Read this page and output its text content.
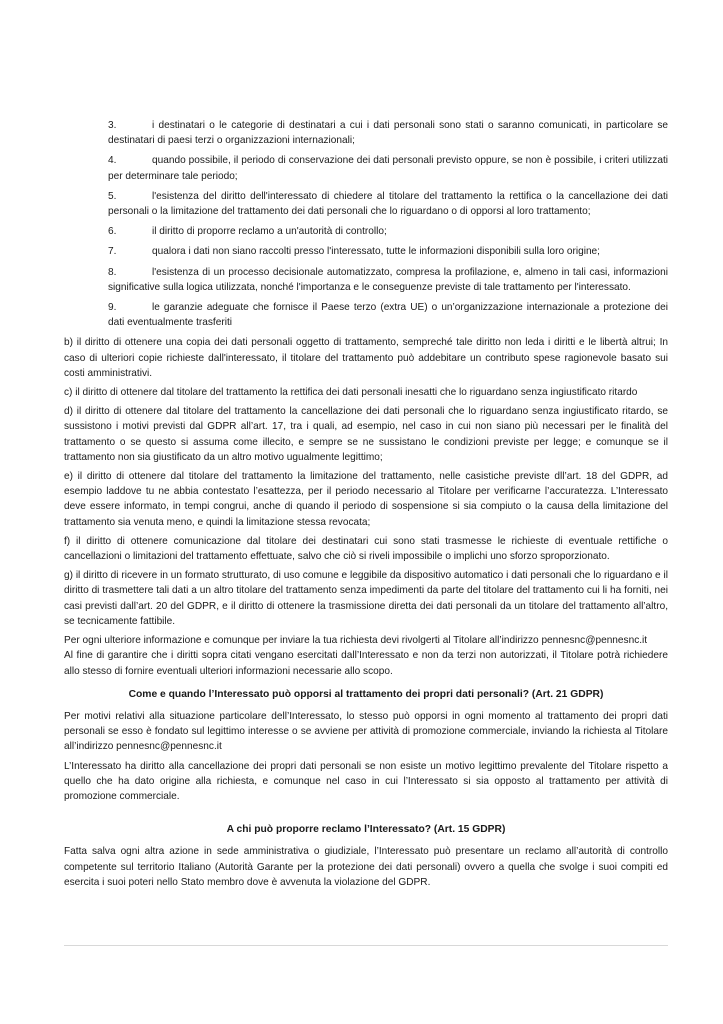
3.	i destinatari o le categorie di destinatari a cui i dati personali sono stati o saranno comunicati, in particolare se destinatari di paesi terzi o organizzazioni internazionali;

4.	quando possibile, il periodo di conservazione dei dati personali previsto oppure, se non è possibile, i criteri utilizzati per determinare tale periodo;

5.	l'esistenza del diritto dell'interessato di chiedere al titolare del trattamento la rettifica o la cancellazione dei dati personali o la limitazione del trattamento dei dati personali che lo riguardano o di opporsi al loro trattamento;

6.	il diritto di proporre reclamo a un'autorità di controllo;

7.	qualora i dati non siano raccolti presso l'interessato, tutte le informazioni disponibili sulla loro origine;

8.	l'esistenza di un processo decisionale automatizzato, compresa la profilazione, e, almeno in tali casi, informazioni significative sulla logica utilizzata, nonché l'importanza e le conseguenze previste di tale trattamento per l'interessato.

9.	le garanzie adeguate che fornisce il Paese terzo (extra UE) o un’organizzazione internazionale a protezione dei dati eventualmente trasferiti

b) il diritto di ottenere una copia dei dati personali oggetto di trattamento, sempreché tale diritto non leda i diritti e le libertà altrui; In caso di ulteriori copie richieste dall'interessato, il titolare del trattamento può addebitare un contributo spese ragionevole basato sui costi amministrativi.

c) il diritto di ottenere dal titolare del trattamento la rettifica dei dati personali inesatti che lo riguardano senza ingiustificato ritardo

d) il diritto di ottenere dal titolare del trattamento la cancellazione dei dati personali che lo riguardano senza ingiustificato ritardo, se sussistono i motivi previsti dal GDPR all’art. 17, tra i quali, ad esempio, nel caso in cui non siano più necessari per le finalità del trattamento o se questo si assuma come illecito, e sempre se ne sussistano le condizioni previste per legge; e comunque se il trattamento non sia giustificato da un altro motivo ugualmente legittimo;

e) il diritto di ottenere dal titolare del trattamento la limitazione del trattamento, nelle casistiche previste dll’art. 18 del GDPR, ad esempio laddove tu ne abbia contestato l’esattezza, per il periodo necessario al Titolare per verificarne l’accuratezza. L’Interessato deve essere informato, in tempi congrui, anche di quando il periodo di sospensione si sia compiuto o la causa della limitazione del trattamento sia venuta meno, e quindi la limitazione stessa revocata;

f) il diritto di ottenere comunicazione dal titolare dei destinatari cui sono stati trasmesse le richieste di eventuale rettifiche o cancellazioni o limitazioni del trattamento effettuate, salvo che ciò si riveli impossibile o implichi uno sforzo sproporzionato.

g) il diritto di ricevere in un formato strutturato, di uso comune e leggibile da dispositivo automatico i dati personali che lo riguardano e il diritto di trasmettere tali dati a un altro titolare del trattamento senza impedimenti da parte del titolare del trattamento cui li ha forniti, nei casi previsti dall’art. 20 del GDPR, e il diritto di ottenere la trasmissione diretta dei dati personali da un titolare del trattamento all’altro, se tecnicamente fattibile.

Per ogni ulteriore informazione e comunque per inviare la tua richiesta devi rivolgerti al Titolare all’indirizzo pennesnc@pennesnc.it

Al fine di garantire che i diritti sopra citati vengano esercitati dall’Interessato e non da terzi non autorizzati, il Titolare potrà richiedere allo stesso di fornire eventuali ulteriori informazioni necessarie allo scopo.

Come e quando l’Interessato può opporsi al trattamento dei propri dati personali? (Art. 21 GDPR)

Per motivi relativi alla situazione particolare dell’Interessato, lo stesso può opporsi in ogni momento al trattamento dei propri dati personali se esso è fondato sul legittimo interesse o se avviene per attività di promozione commerciale, inviando la richiesta al Titolare all’indirizzo pennesnc@pennesnc.it

L’Interessato ha diritto alla cancellazione dei propri dati personali se non esiste un motivo legittimo prevalente del Titolare rispetto a quello che ha dato origine alla richiesta, e comunque nel caso in cui l’Interessato si sia opposto al trattamento per attività di promozione commerciale.

A chi può proporre reclamo l’Interessato? (Art. 15 GDPR)

Fatta salva ogni altra azione in sede amministrativa o giudiziale, l’Interessato può presentare un reclamo all’autorità di controllo competente sul territorio Italiano (Autorità Garante per la protezione dei dati personali) ovvero a quella che svolge i suoi compiti ed esercita i suoi poteri nello Stato membro dove è avvenuta la violazione del GDPR.
